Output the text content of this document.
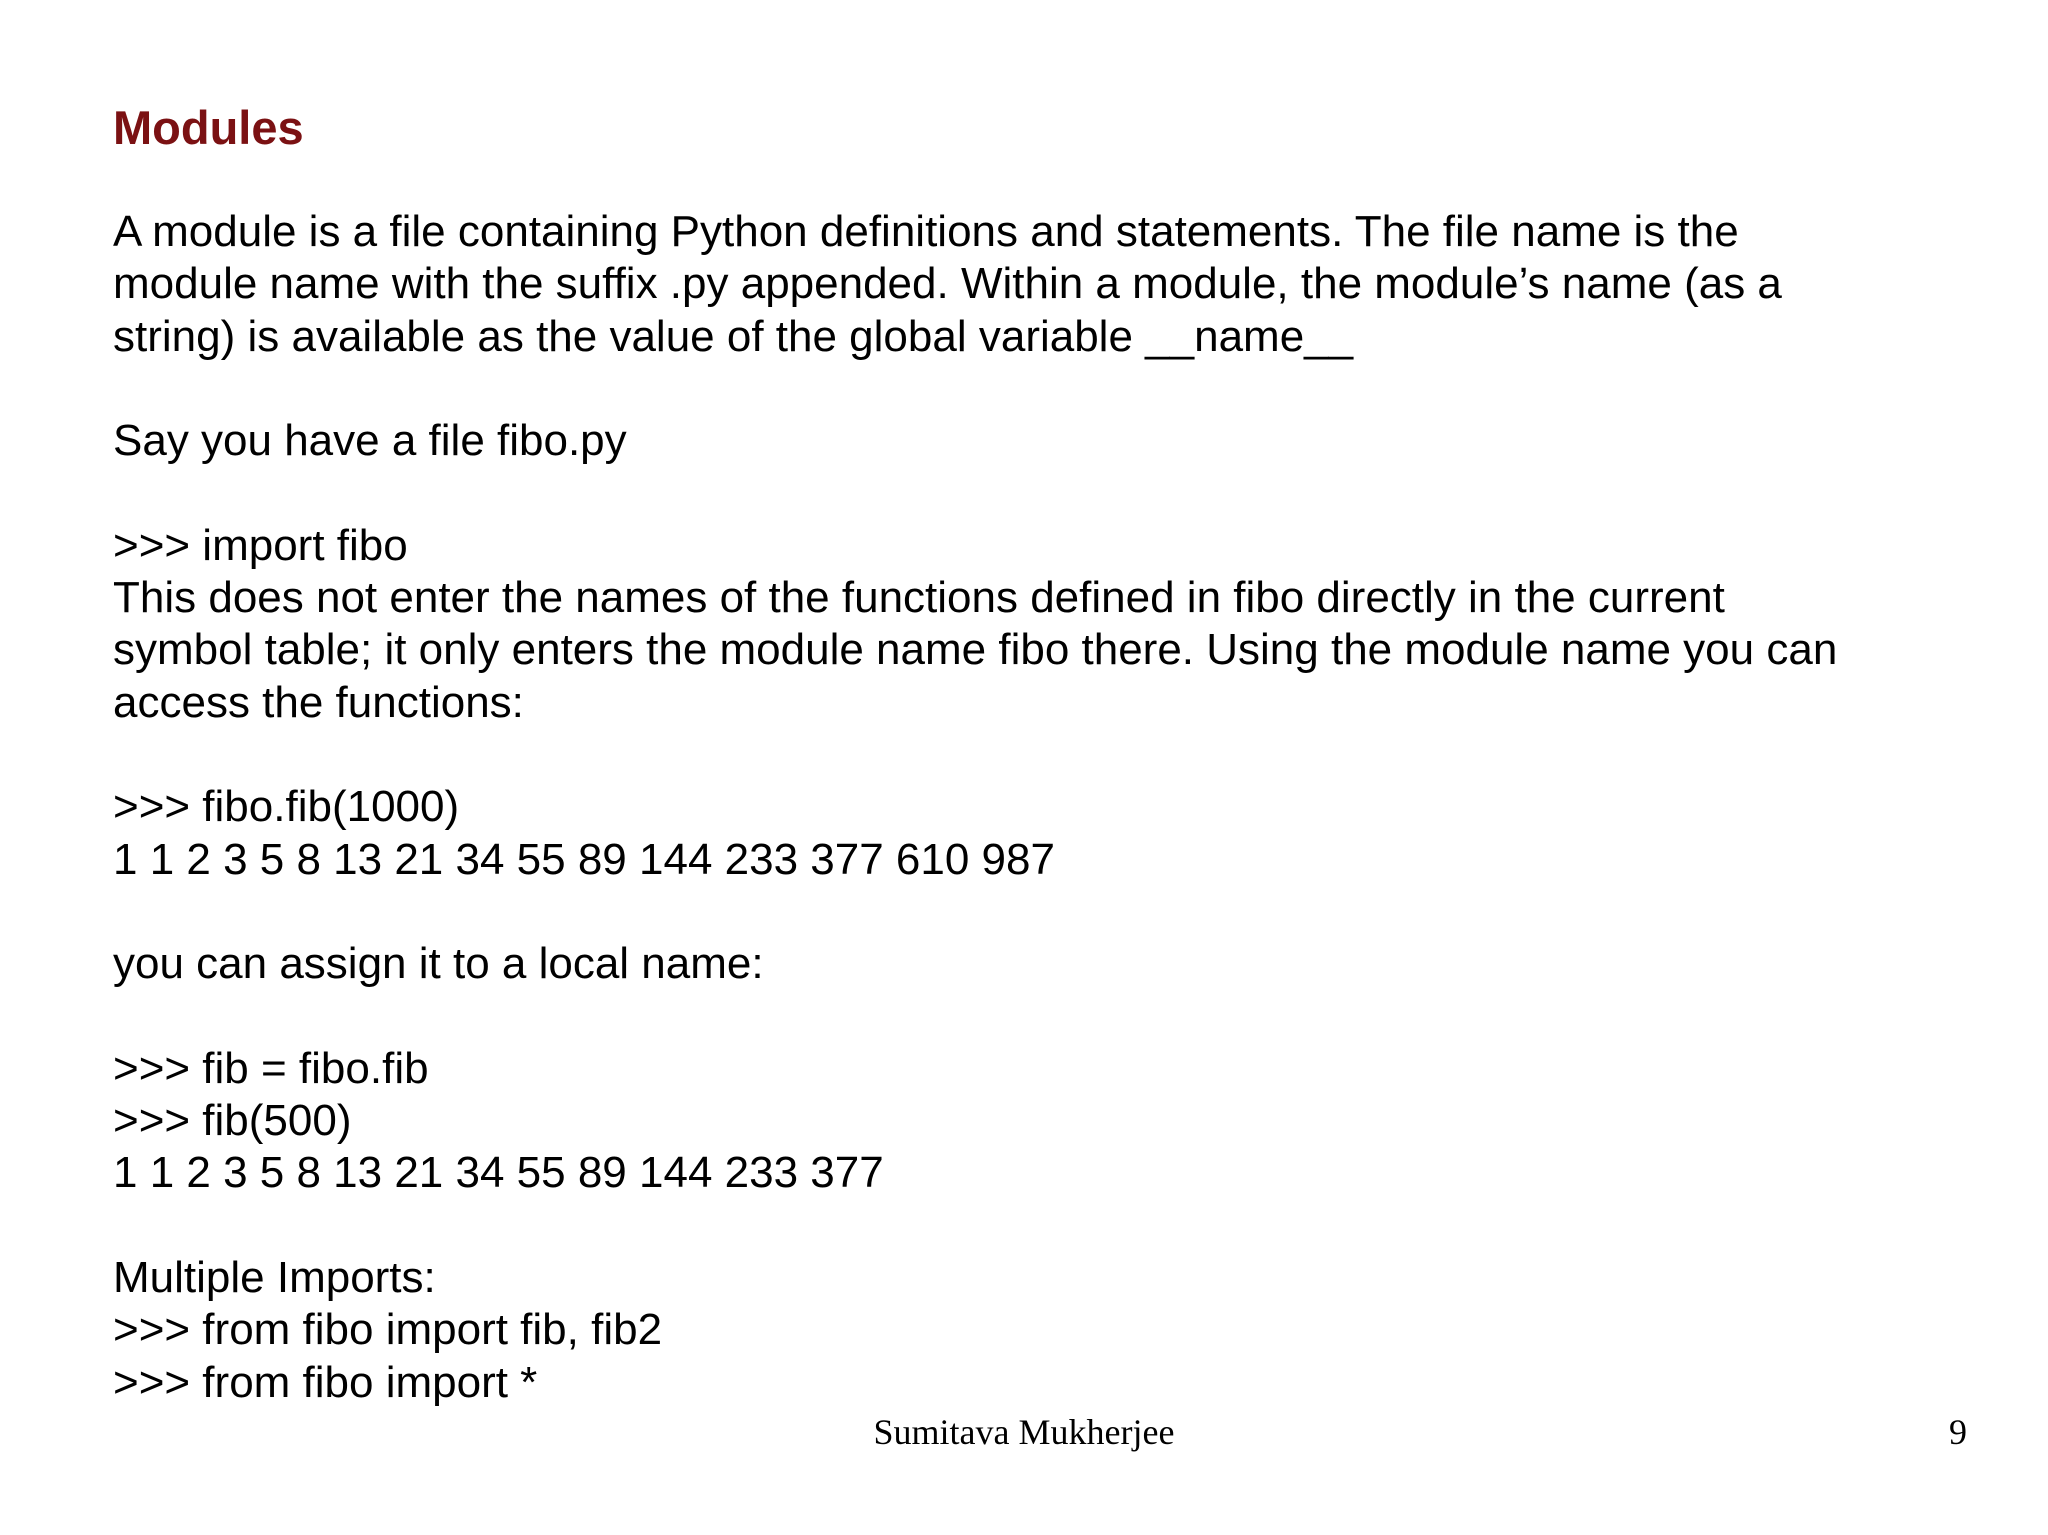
Modules
A module is a file containing Python definitions and statements. The file name is the
module name with the suffix .py appended. Within a module, the module’s name (as a
string) is available as the value of the global variable __name__
Say you have a file fibo.py
>>> import fibo
This does not enter the names of the functions defined in fibo directly in the current
symbol table; it only enters the module name fibo there. Using the module name you can
access the functions:
>>> fibo.fib(1000)
1 1 2 3 5 8 13 21 34 55 89 144 233 377 610 987
you can assign it to a local name:
>>> fib = fibo.fib
>>> fib(500)
1 1 2 3 5 8 13 21 34 55 89 144 233 377
Multiple Imports:
>>> from fibo import fib, fib2
>>> from fibo import *
Sumitava Mukherjee	9
